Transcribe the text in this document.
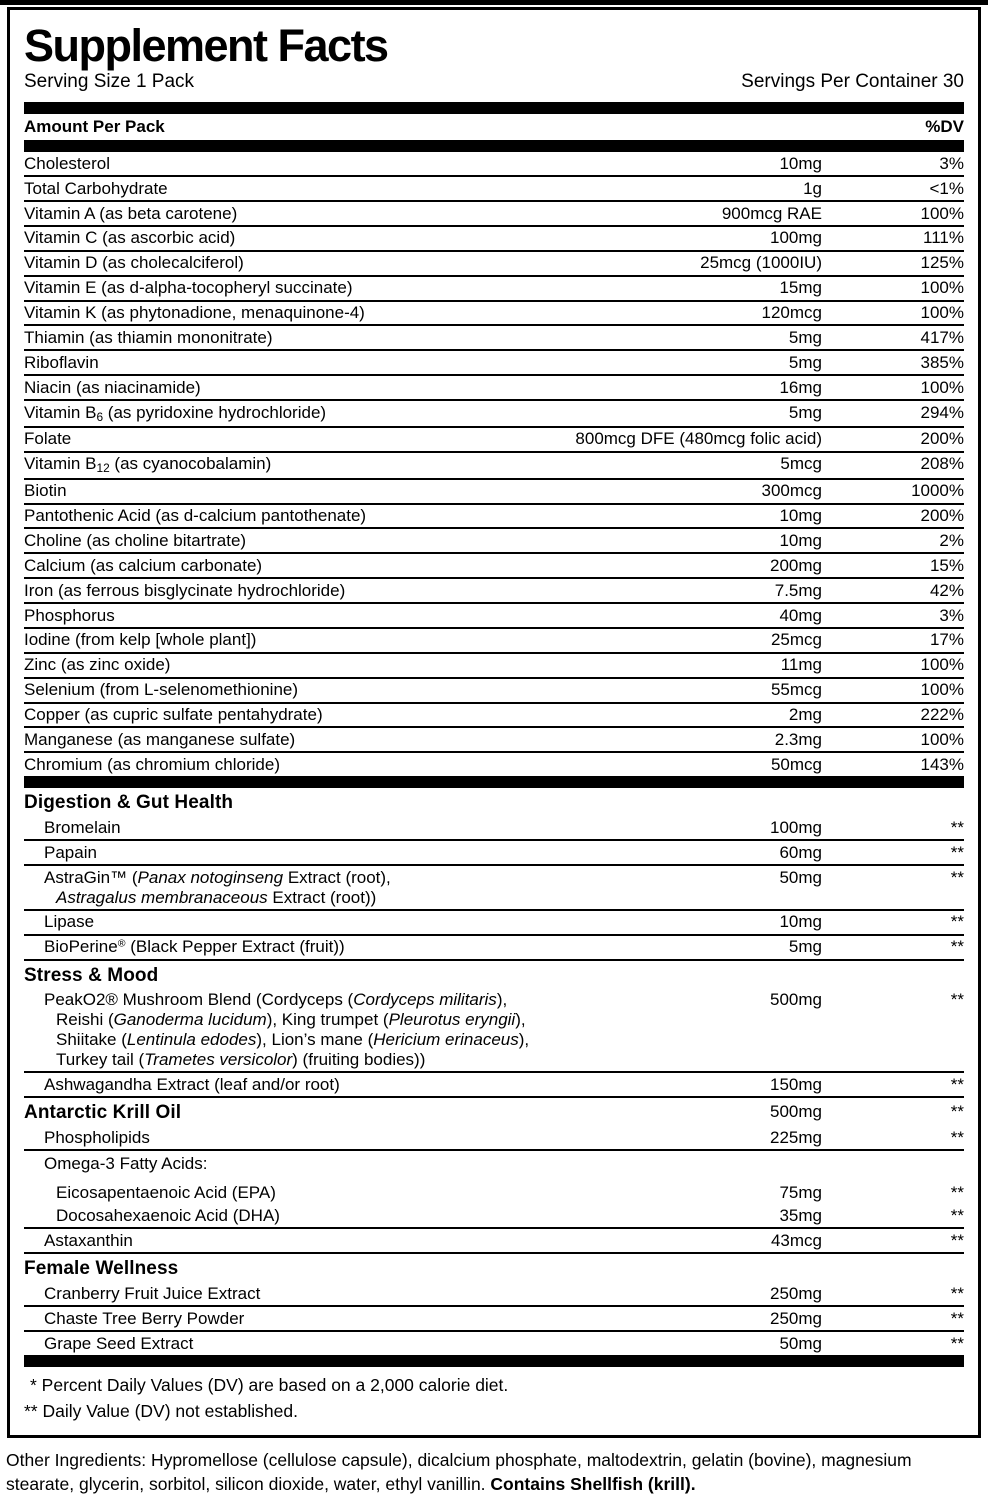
Supplement Facts
Serving Size 1 Pack	Servings Per Container 30
Amount Per Pack	%DV
Cholesterol	10mg	3%
Total Carbohydrate	1g	<1%
Vitamin A (as beta carotene)	900mcg RAE	100%
Vitamin C (as ascorbic acid)	100mg	111%
Vitamin D (as cholecalciferol)	25mcg (1000IU)	125%
Vitamin E (as d-alpha-tocopheryl succinate)	15mg	100%
Vitamin K (as phytonadione, menaquinone-4)	120mcg	100%
Thiamin (as thiamin mononitrate)	5mg	417%
Riboflavin	5mg	385%
Niacin (as niacinamide)	16mg	100%
Vitamin B6 (as pyridoxine hydrochloride)	5mg	294%
Folate	800mcg DFE (480mcg folic acid)	200%
Vitamin B12 (as cyanocobalamin)	5mcg	208%
Biotin	300mcg	1000%
Pantothenic Acid (as d-calcium pantothenate)	10mg	200%
Choline (as choline bitartrate)	10mg	2%
Calcium (as calcium carbonate)	200mg	15%
Iron (as ferrous bisglycinate hydrochloride)	7.5mg	42%
Phosphorus	40mg	3%
Iodine (from kelp [whole plant])	25mcg	17%
Zinc (as zinc oxide)	11mg	100%
Selenium (from L-selenomethionine)	55mcg	100%
Copper (as cupric sulfate pentahydrate)	2mg	222%
Manganese (as manganese sulfate)	2.3mg	100%
Chromium (as chromium chloride)	50mcg	143%
Digestion & Gut Health
Bromelain	100mg	**
Papain	60mg	**
AstraGin™ (Panax notoginseng Extract (root),
Astragalus membranaceous Extract (root))
50mg	**
Lipase	10mg	**
BioPerine® (Black Pepper Extract (fruit))	5mg	**
Stress & Mood
PeakO2® Mushroom Blend (Cordyceps (Cordyceps militaris),
Reishi (Ganoderma lucidum), King trumpet (Pleurotus eryngii),
Shiitake (Lentinula edodes), Lion’s mane (Hericium erinaceus),
Turkey tail (Trametes versicolor) (fruiting bodies))
500mg	**
Ashwagandha Extract (leaf and/or root)	150mg	**
Antarctic Krill Oil	500mg	**
Phospholipids	225mg	**
Omega-3 Fatty Acids:
Eicosapentaenoic Acid (EPA)	75mg	**
Docosahexaenoic Acid (DHA)	35mg	**
Astaxanthin	43mcg	**
Female Wellness
Cranberry Fruit Juice Extract	250mg	**
Chaste Tree Berry Powder	250mg	**
Grape Seed Extract	50mg	**
* Percent Daily Values (DV) are based on a 2,000 calorie diet.
** Daily Value (DV) not established.

Other Ingredients: Hypromellose (cellulose capsule), dicalcium phosphate, maltodextrin, gelatin (bovine), magnesium stearate, glycerin, sorbitol, silicon dioxide, water, ethyl vanillin. Contains Shellfish (krill).
